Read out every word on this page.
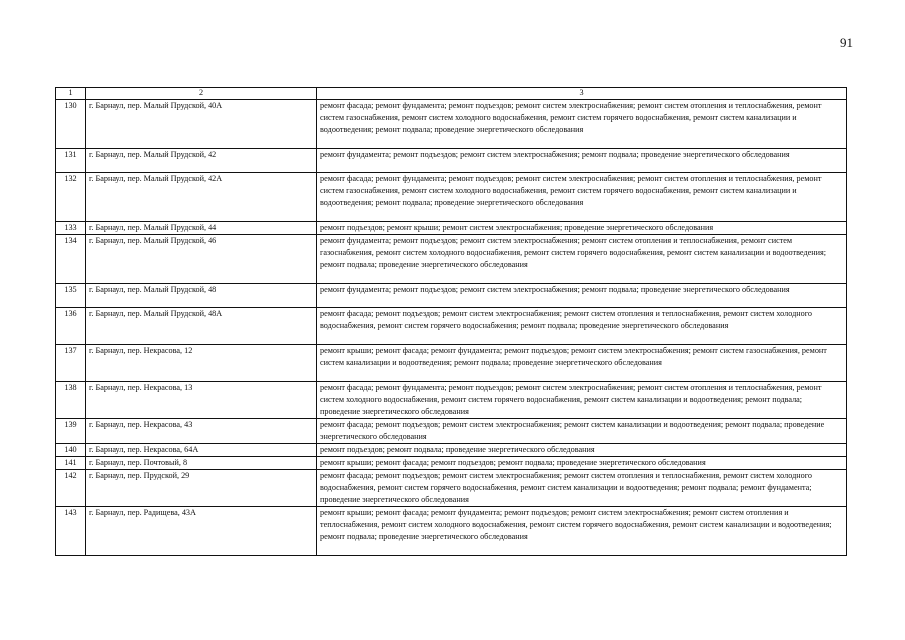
91
1	2	3
130	г. Барнаул, пер. Малый Прудской, 40А	ремонт фасада; ремонт фундамента; ремонт подъездов; ремонт систем электроснабжения; ремонт систем отопления и теплоснабжения, ремонт систем газоснабжения, ремонт систем холодного водоснабжения, ремонт систем горячего водоснабжения, ремонт систем канализации и водоотведения; ремонт подвала; проведение энергетического обследования
131	г. Барнаул, пер. Малый Прудской, 42	ремонт фундамента; ремонт подъездов; ремонт систем электроснабжения; ремонт подвала; проведение энергетического обследования
132	г. Барнаул, пер. Малый Прудской, 42А	ремонт фасада; ремонт фундамента; ремонт подъездов; ремонт систем электроснабжения; ремонт систем отопления и теплоснабжения, ремонт систем газоснабжения, ремонт систем холодного водоснабжения, ремонт систем горячего водоснабжения, ремонт систем канализации и водоотведения; ремонт подвала; проведение энергетического обследования
133	г. Барнаул, пер. Малый Прудской, 44	ремонт подъездов; ремонт крыши; ремонт систем электроснабжения; проведение энергетического обследования
134	г. Барнаул, пер. Малый Прудской, 46	ремонт фундамента; ремонт подъездов; ремонт систем электроснабжения; ремонт систем отопления и теплоснабжения, ремонт систем газоснабжения, ремонт систем холодного водоснабжения, ремонт систем горячего водоснабжения, ремонт систем канализации и водоотведения; ремонт подвала; проведение энергетического обследования
135	г. Барнаул, пер. Малый Прудской, 48	ремонт фундамента; ремонт подъездов; ремонт систем электроснабжения; ремонт подвала; проведение энергетического обследования
136	г. Барнаул, пер. Малый Прудской, 48А	ремонт фасада; ремонт подъездов; ремонт систем электроснабжения; ремонт систем отопления и теплоснабжения, ремонт систем холодного водоснабжения, ремонт систем горячего водоснабжения; ремонт подвала; проведение энергетического обследования
137	г. Барнаул, пер. Некрасова, 12	ремонт крыши; ремонт фасада; ремонт фундамента; ремонт подъездов; ремонт систем электроснабжения; ремонт систем газоснабжения, ремонт систем канализации и водоотведения; ремонт подвала; проведение энергетического обследования
138	г. Барнаул, пер. Некрасова, 13	ремонт фасада; ремонт фундамента; ремонт подъездов; ремонт систем электроснабжения; ремонт систем отопления и теплоснабжения, ремонт систем холодного водоснабжения, ремонт систем горячего водоснабжения, ремонт систем канализации и водоотведения; ремонт подвала; проведение энергетического обследования
139	г. Барнаул, пер. Некрасова, 43	ремонт фасада; ремонт подъездов; ремонт систем электроснабжения; ремонт систем канализации и водоотведения; ремонт подвала; проведение энергетического обследования
140	г. Барнаул, пер. Некрасова, 64А	ремонт подъездов; ремонт подвала; проведение энергетического обследования
141	г. Барнаул, пер. Почтовый, 8	ремонт крыши; ремонт фасада; ремонт подъездов; ремонт подвала; проведение энергетического обследования
142	г. Барнаул, пер. Прудской, 29	ремонт фасада; ремонт подъездов; ремонт систем электроснабжения; ремонт систем отопления и теплоснабжения, ремонт систем холодного водоснабжения, ремонт систем горячего водоснабжения, ремонт систем канализации и водоотведения; ремонт подвала; ремонт фундамента; проведение энергетического обследования
143	г. Барнаул, пер. Радищева, 43А	ремонт крыши; ремонт фасада; ремонт фундамента; ремонт подъездов; ремонт систем электроснабжения; ремонт систем отопления и теплоснабжения, ремонт систем холодного водоснабжения, ремонт систем горячего водоснабжения, ремонт систем канализации и водоотведения; ремонт подвала; проведение энергетического обследования
